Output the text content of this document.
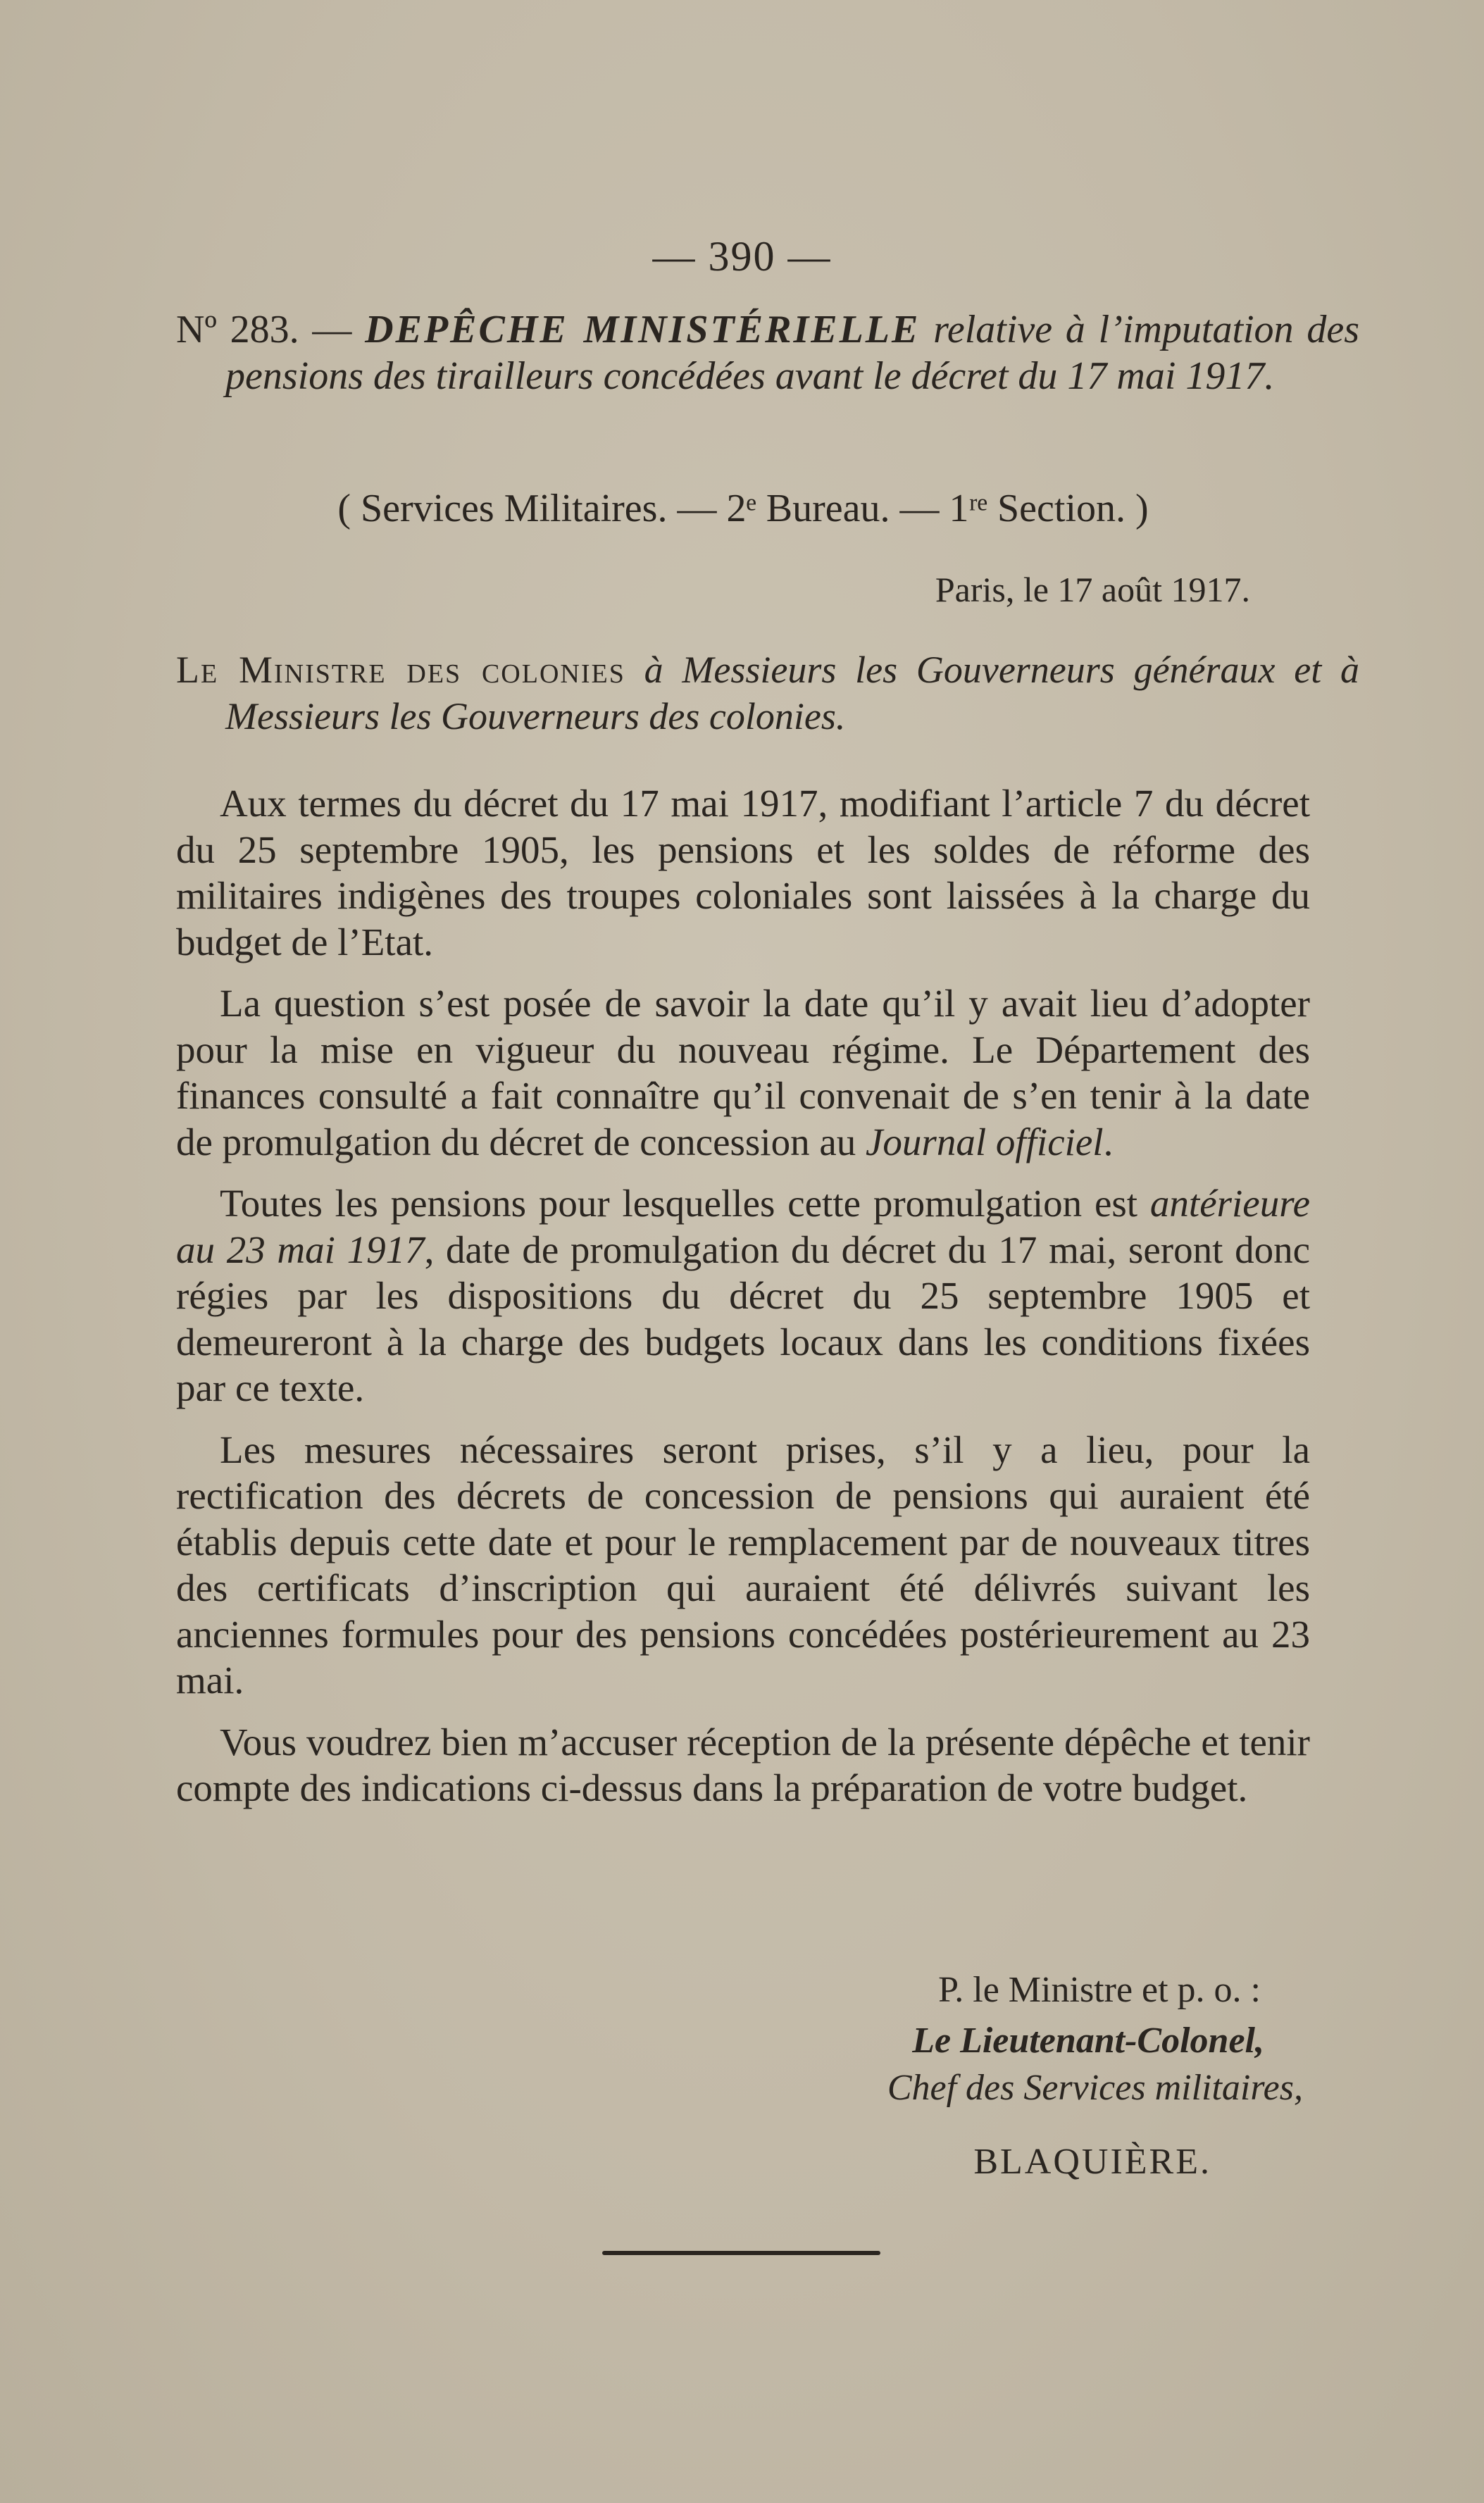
— 390 —
Nº 283. — DEPÊCHE MINISTÉRIELLE relative à l’imputation des pensions des tirailleurs concédées avant le décret du 17 mai 1917.
( Services Militaires. — 2ᵉ Bureau. — 1ʳᵉ Section. )
Paris, le 17 août 1917.
Le Ministre des colonies à Messieurs les Gouverneurs généraux et à Messieurs les Gouverneurs des colonies.

Aux termes du décret du 17 mai 1917, modifiant l’article 7 du décret du 25 septembre 1905, les pensions et les soldes de réforme des militaires indigènes des troupes coloniales sont laissées à la charge du budget de l’Etat.

La question s’est posée de savoir la date qu’il y avait lieu d’adopter pour la mise en vigueur du nouveau régime. Le Département des finances consulté a fait connaître qu’il convenait de s’en tenir à la date de promulgation du décret de concession au Journal officiel.

Toutes les pensions pour lesquelles cette promulgation est antérieure au 23 mai 1917, date de promulgation du décret du 17 mai, seront donc régies par les dispositions du décret du 25 septembre 1905 et demeureront à la charge des budgets locaux dans les conditions fixées par ce texte.

Les mesures nécessaires seront prises, s’il y a lieu, pour la rectification des décrets de concession de pensions qui auraient été établis depuis cette date et pour le remplacement par de nouveaux titres des certificats d’inscription qui auraient été délivrés suivant les anciennes formules pour des pensions concédées postérieurement au 23 mai.

Vous voudrez bien m’accuser réception de la présente dépêche et tenir compte des indications ci-dessus dans la préparation de votre budget.

P. le Ministre et p. o. :
Le Lieutenant-Colonel,
Chef des Services militaires,
BLAQUIÈRE.
